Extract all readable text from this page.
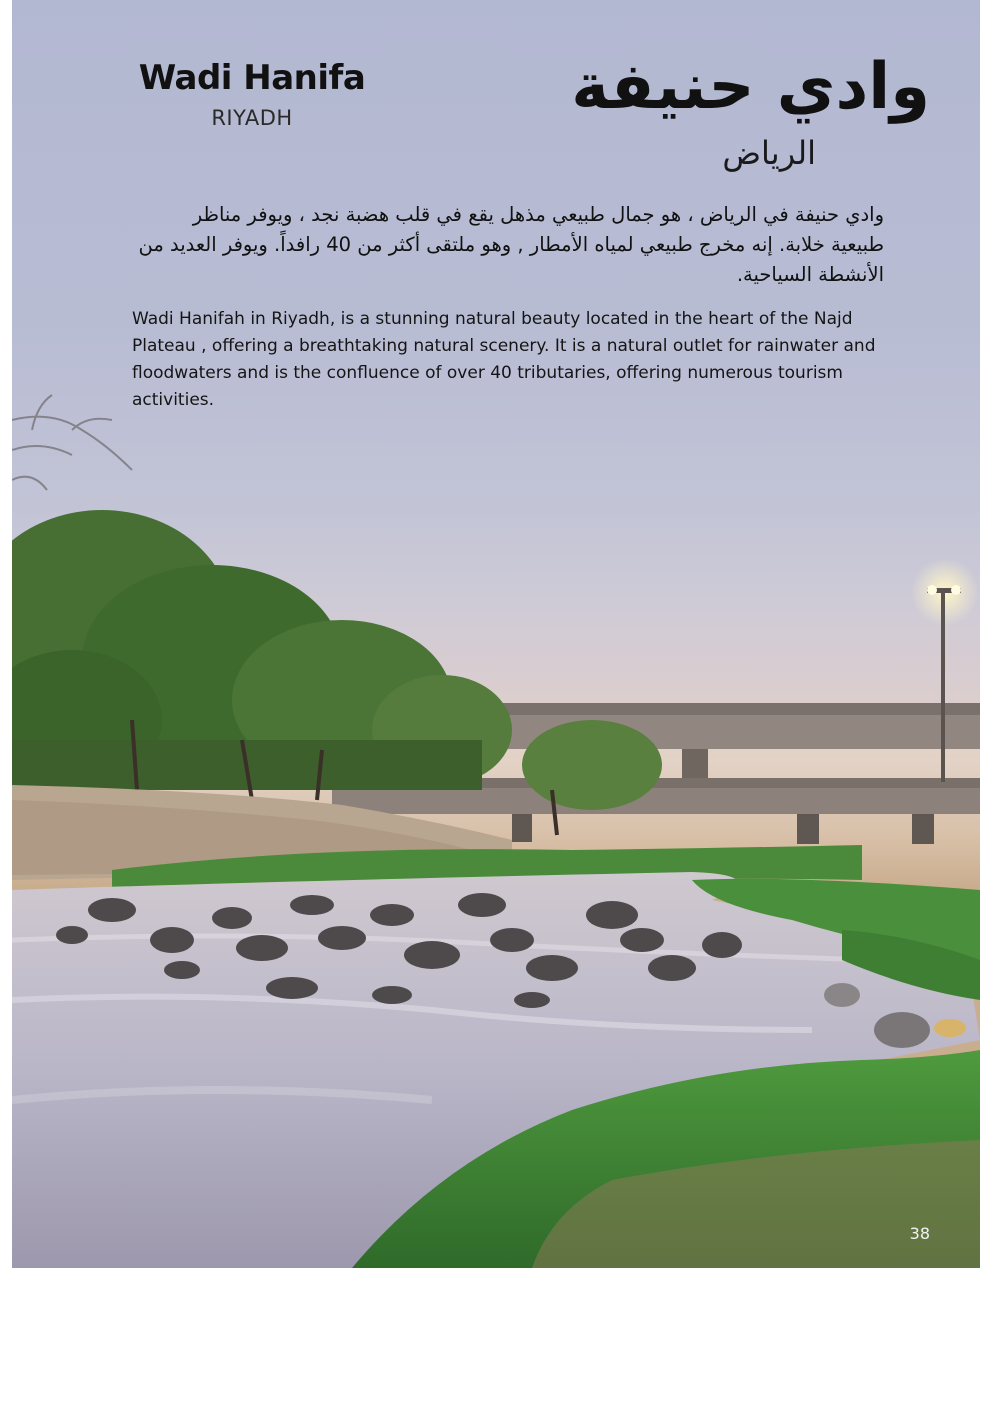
Wadi Hanifa
RIYADH	وادي حنيفة
الرياض

وادي حنيفة في الرياض ، هو جمال طبيعي مذهل يقع في قلب هضبة نجد ، ويوفر مناظر طبيعية خلابة. إنه مخرج طبيعي لمياه الأمطار , وهو ملتقى أكثر من 40 رافداً. ويوفر العديد من الأنشطة السياحية.

Wadi Hanifah in Riyadh, is a stunning natural beauty located in the heart of the Najd Plateau , offering a breathtaking natural scenery. It is a natural outlet for rainwater and floodwaters and is the confluence of over 40 tributaries, offering numerous tourism activities.

38
